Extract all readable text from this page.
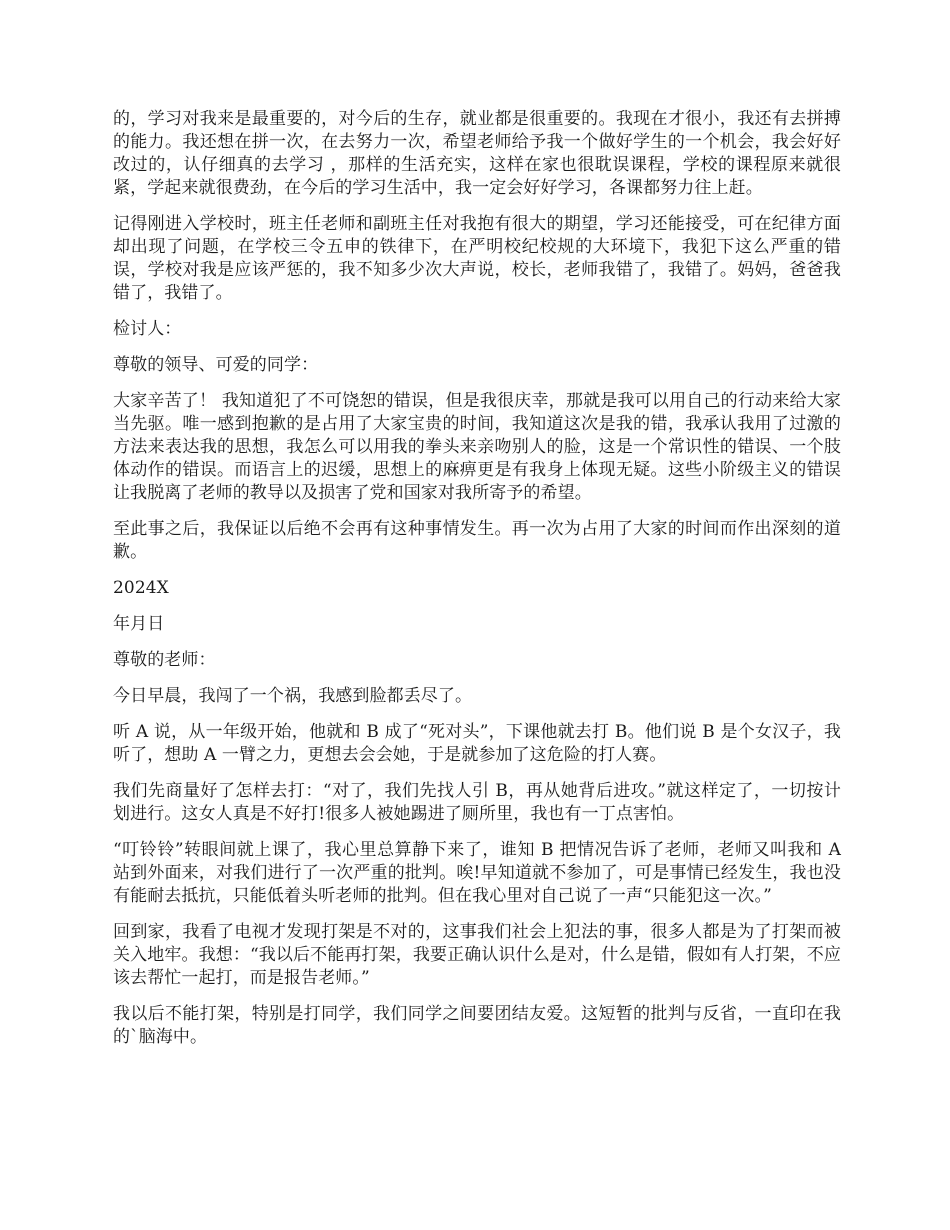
的，学习对我来是最重要的，对今后的生存，就业都是很重要的。我现在才很小，我还有去拼搏的能力。我还想在拼一次，在去努力一次，希望老师给予我一个做好学生的一个机会，我会好好改过的，认仔细真的去学习 ，那样的生活充实，这样在家也很耽误课程，学校的课程原来就很紧，学起来就很费劲，在今后的学习生活中，我一定会好好学习，各课都努力往上赶。

记得刚进入学校时，班主任老师和副班主任对我抱有很大的期望，学习还能接受，可在纪律方面却出现了问题，在学校三令五申的铁律下，在严明校纪校规的大环境下，我犯下这么严重的错误，学校对我是应该严惩的，我不知多少次大声说，校长，老师我错了，我错了。妈妈，爸爸我错了，我错了。

检讨人：

尊敬的领导、可爱的同学：

大家辛苦了！ 我知道犯了不可饶恕的错误，但是我很庆幸，那就是我可以用自己的行动来给大家当先驱。唯一感到抱歉的是占用了大家宝贵的时间，我知道这次是我的错，我承认我用了过激的方法来表达我的思想，我怎么可以用我的拳头来亲吻别人的脸，这是一个常识性的错误、一个肢体动作的错误。而语言上的迟缓，思想上的麻痹更是有我身上体现无疑。这些小阶级主义的错误让我脱离了老师的教导以及损害了党和国家对我所寄予的希望。

至此事之后，我保证以后绝不会再有这种事情发生。再一次为占用了大家的时间而作出深刻的道歉。

2024X

年月日

尊敬的老师：

今日早晨，我闯了一个祸，我感到脸都丢尽了。

听 A 说，从一年级开始，他就和 B 成了“死对头”，下课他就去打 B。他们说 B 是个女汉子，我听了，想助 A 一臂之力，更想去会会她，于是就参加了这危险的打人赛。

我们先商量好了怎样去打：“对了，我们先找人引 B，再从她背后进攻。”就这样定了，一切按计划进行。这女人真是不好打!很多人被她踢进了厕所里，我也有一丁点害怕。

“叮铃铃”转眼间就上课了，我心里总算静下来了，谁知 B 把情况告诉了老师，老师又叫我和 A 站到外面来，对我们进行了一次严重的批判。唉!早知道就不参加了，可是事情已经发生，我也没有能耐去抵抗，只能低着头听老师的批判。但在我心里对自己说了一声“只能犯这一次。”

回到家，我看了电视才发现打架是不对的，这事我们社会上犯法的事，很多人都是为了打架而被关入地牢。我想：“我以后不能再打架，我要正确认识什么是对，什么是错，假如有人打架，不应该去帮忙一起打，而是报告老师。”

我以后不能打架，特别是打同学，我们同学之间要团结友爱。这短暂的批判与反省，一直印在我的`脑海中。
